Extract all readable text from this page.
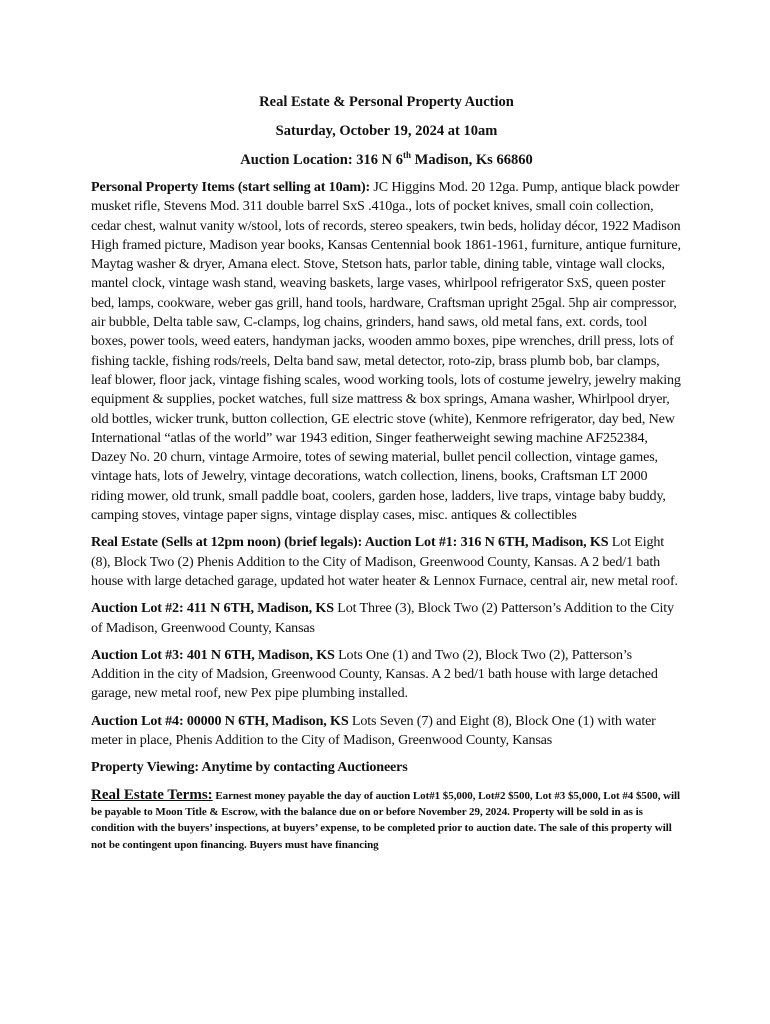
Real Estate & Personal Property Auction

Saturday, October 19, 2024 at 10am

Auction Location: 316 N 6th Madison, Ks 66860

Personal Property Items (start selling at 10am): JC Higgins Mod. 20 12ga. Pump, antique black powder musket rifle, Stevens Mod. 311 double barrel SxS .410ga., lots of pocket knives, small coin collection, cedar chest, walnut vanity w/stool, lots of records, stereo speakers, twin beds, holiday décor, 1922 Madison High framed picture, Madison year books, Kansas Centennial book 1861-1961, furniture, antique furniture, Maytag washer & dryer, Amana elect. Stove, Stetson hats, parlor table, dining table, vintage wall clocks, mantel clock, vintage wash stand, weaving baskets, large vases, whirlpool refrigerator SxS, queen poster bed, lamps, cookware, weber gas grill, hand tools, hardware, Craftsman upright 25gal. 5hp air compressor, air bubble, Delta table saw, C-clamps, log chains, grinders, hand saws, old metal fans, ext. cords, tool boxes, power tools, weed eaters, handyman jacks, wooden ammo boxes, pipe wrenches, drill press, lots of fishing tackle, fishing rods/reels, Delta band saw, metal detector, roto-zip, brass plumb bob, bar clamps, leaf blower, floor jack, vintage fishing scales, wood working tools, lots of costume jewelry, jewelry making equipment & supplies, pocket watches, full size mattress & box springs, Amana washer, Whirlpool dryer, old bottles, wicker trunk, button collection, GE electric stove (white), Kenmore refrigerator, day bed, New International “atlas of the world” war 1943 edition, Singer featherweight sewing machine AF252384, Dazey No. 20 churn, vintage Armoire, totes of sewing material, bullet pencil collection, vintage games, vintage hats, lots of Jewelry, vintage decorations, watch collection, linens, books, Craftsman LT 2000 riding mower, old trunk, small paddle boat, coolers, garden hose, ladders, live traps, vintage baby buddy, camping stoves, vintage paper signs, vintage display cases, misc. antiques & collectibles

Real Estate (Sells at 12pm noon) (brief legals): Auction Lot #1: 316 N 6TH, Madison, KS Lot Eight (8), Block Two (2) Phenis Addition to the City of Madison, Greenwood County, Kansas. A 2 bed/1 bath house with large detached garage, updated hot water heater & Lennox Furnace, central air, new metal roof.

Auction Lot #2: 411 N 6TH, Madison, KS Lot Three (3), Block Two (2) Patterson’s Addition to the City of Madison, Greenwood County, Kansas

Auction Lot #3: 401 N 6TH, Madison, KS Lots One (1) and Two (2), Block Two (2), Patterson’s Addition in the city of Madsion, Greenwood County, Kansas. A 2 bed/1 bath house with large detached garage, new metal roof, new Pex pipe plumbing installed.

Auction Lot #4: 00000 N 6TH, Madison, KS Lots Seven (7) and Eight (8), Block One (1) with water meter in place, Phenis Addition to the City of Madison, Greenwood County, Kansas

Property Viewing: Anytime by contacting Auctioneers

Real Estate Terms: Earnest money payable the day of auction Lot#1 $5,000, Lot#2 $500, Lot #3 $5,000, Lot #4 $500, will be payable to Moon Title & Escrow, with the balance due on or before November 29, 2024. Property will be sold in as is condition with the buyers’ inspections, at buyers’ expense, to be completed prior to auction date. The sale of this property will not be contingent upon financing. Buyers must have financing
